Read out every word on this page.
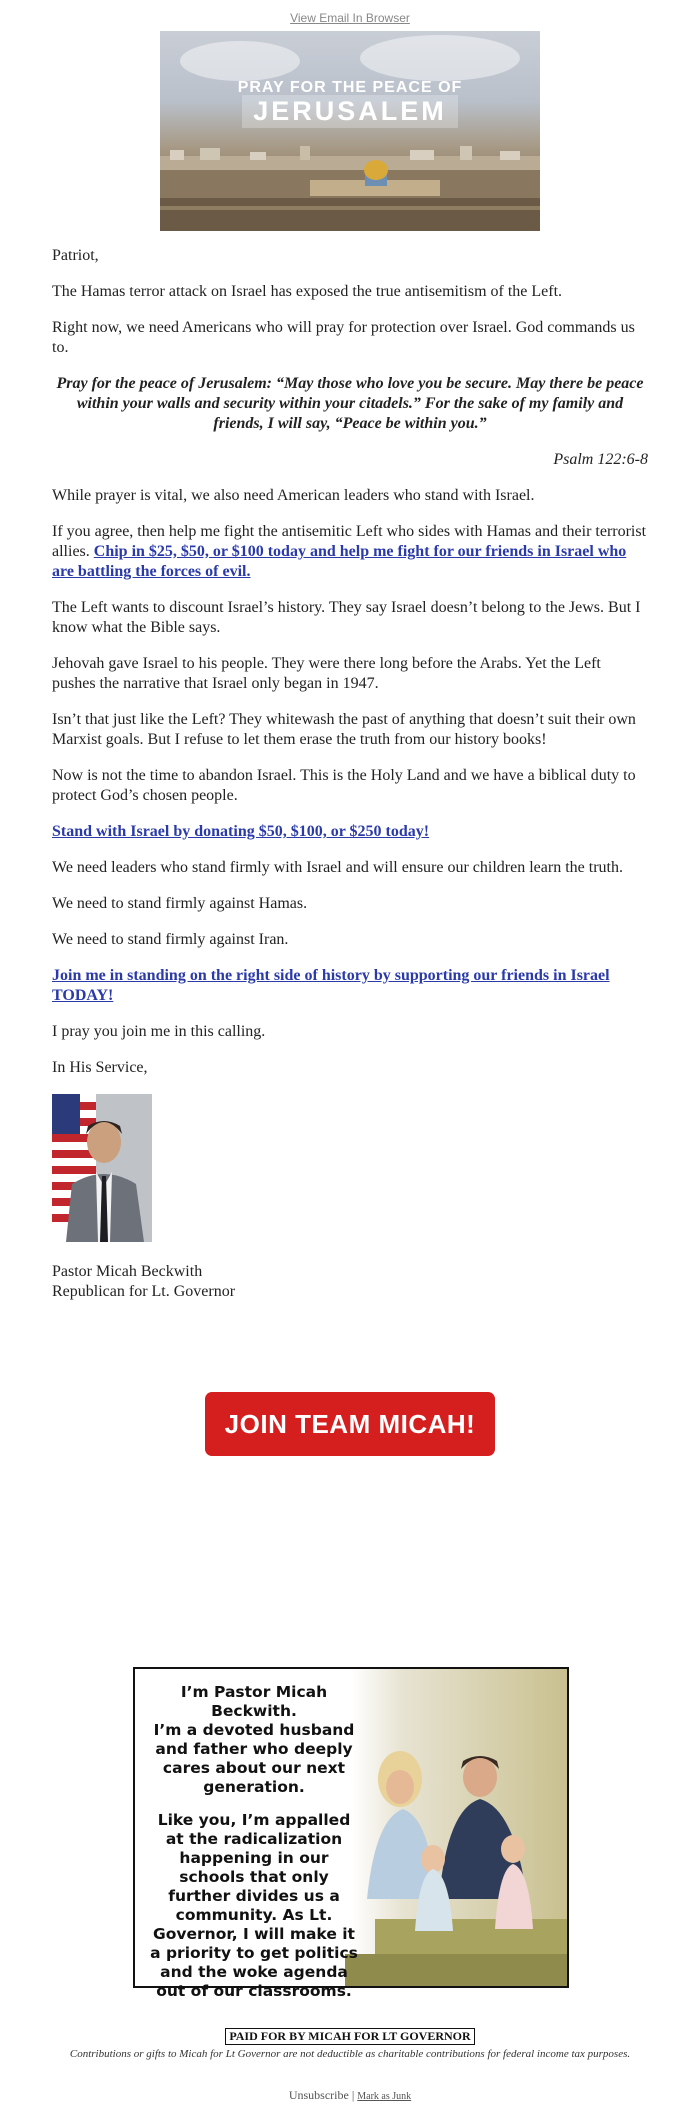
View Email In Browser
PRAY FOR THE PEACE OF
JERUSALEM

Patriot,

The Hamas terror attack on Israel has exposed the true antisemitism of the Left.

Right now, we need Americans who will pray for protection over Israel. God commands us to.

Pray for the peace of Jerusalem: “May those who love you be secure. May there be peace within your walls and security within your citadels.” For the sake of my family and friends, I will say, “Peace be within you.”

Psalm 122:6-8

While prayer is vital, we also need American leaders who stand with Israel.

If you agree, then help me fight the antisemitic Left who sides with Hamas and their terrorist allies. Chip in $25, $50, or $100 today and help me fight for our friends in Israel who are battling the forces of evil.

The Left wants to discount Israel’s history. They say Israel doesn’t belong to the Jews. But I know what the Bible says.

Jehovah gave Israel to his people. They were there long before the Arabs. Yet the Left pushes the narrative that Israel only began in 1947.

Isn’t that just like the Left? They whitewash the past of anything that doesn’t suit their own Marxist goals. But I refuse to let them erase the truth from our history books!

Now is not the time to abandon Israel. This is the Holy Land and we have a biblical duty to protect God’s chosen people.

Stand with Israel by donating $50, $100, or $250 today!

We need leaders who stand firmly with Israel and will ensure our children learn the truth.

We need to stand firmly against Hamas.

We need to stand firmly against Iran.

Join me in standing on the right side of history by supporting our friends in Israel TODAY!

I pray you join me in this calling.

In His Service,

Pastor Micah Beckwith

Republican for Lt. Governor

JOIN TEAM MICAH!
I’m Pastor Micah Beckwith.
I’m a devoted husband and father who deeply cares about our next generation.
Like you, I’m appalled at the radicalization happening in our schools that only further divides us a community. As Lt. Governor, I will make it a priority to get politics and the woke agenda out of our classrooms.
PAID FOR BY MICAH FOR LT GOVERNOR
Contributions or gifts to Micah for Lt Governor are not deductible as charitable contributions for federal income tax purposes.
Unsubscribe | Mark as Junk
